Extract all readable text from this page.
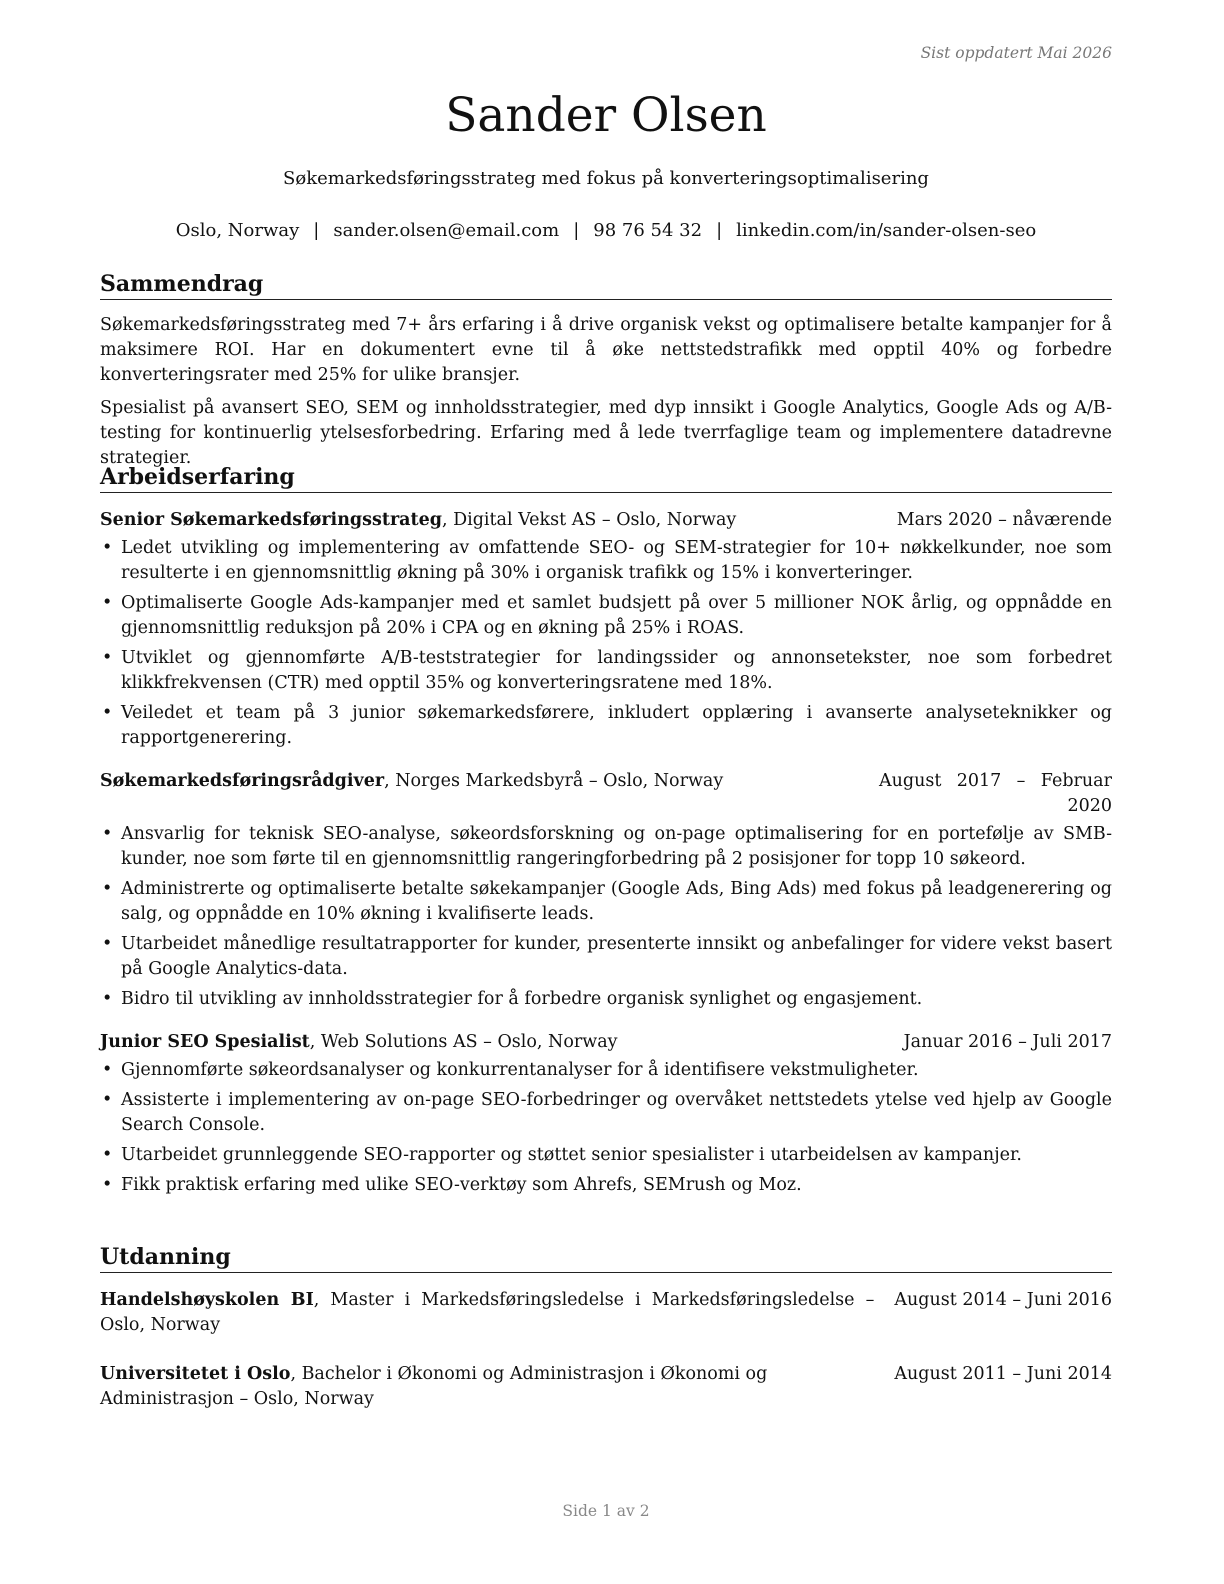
Sist oppdatert Mai 2026
Sander Olsen
Søkemarkedsføringsstrateg med fokus på konverteringsoptimalisering
Oslo, Norway | sander.olsen@email.com | 98 76 54 32 | linkedin.com/in/sander-olsen-seo
Sammendrag

Søkemarkedsføringsstrateg med 7+ års erfaring i å drive organisk vekst og optimalisere betalte kampanjer for å maksimere ROI. Har en dokumentert evne til å øke nettstedstrafikk med opptil 40% og forbedre konverteringsrater med 25% for ulike bransjer.

Spesialist på avansert SEO, SEM og innholdsstrategier, med dyp innsikt i Google Analytics, Google Ads og A/B-testing for kontinuerlig ytelsesforbedring. Erfaring med å lede tverrfaglige team og implementere datadrevne strategier.

Arbeidserfaring
Senior Søkemarkedsføringsstrateg, Digital Vekst AS – Oslo, Norway	Mars 2020 – nåværende
• Ledet utvikling og implementering av omfattende SEO- og SEM-strategier for 10+ nøkkelkunder, noe som resulterte i en gjennomsnittlig økning på 30% i organisk trafikk og 15% i konverteringer.
• Optimaliserte Google Ads-kampanjer med et samlet budsjett på over 5 millioner NOK årlig, og oppnådde en gjennomsnittlig reduksjon på 20% i CPA og en økning på 25% i ROAS.
• Utviklet og gjennomførte A/B-teststrategier for landingssider og annonsetekster, noe som forbedret klikkfrekvensen (CTR) med opptil 35% og konverteringsratene med 18%.
• Veiledet et team på 3 junior søkemarkedsførere, inkludert opplæring i avanserte analyseteknikker og rapportgenerering.
Søkemarkedsføringsrådgiver, Norges Markedsbyrå – Oslo, Norway	August 2017 – Februar 2020
• Ansvarlig for teknisk SEO-analyse, søkeordsforskning og on-page optimalisering for en portefølje av SMB-kunder, noe som førte til en gjennomsnittlig rangeringforbedring på 2 posisjoner for topp 10 søkeord.
• Administrerte og optimaliserte betalte søkekampanjer (Google Ads, Bing Ads) med fokus på leadgenerering og salg, og oppnådde en 10% økning i kvalifiserte leads.
• Utarbeidet månedlige resultatrapporter for kunder, presenterte innsikt og anbefalinger for videre vekst basert på Google Analytics-data.
• Bidro til utvikling av innholdsstrategier for å forbedre organisk synlighet og engasjement.
Junior SEO Spesialist, Web Solutions AS – Oslo, Norway	Januar 2016 – Juli 2017
• Gjennomførte søkeordsanalyser og konkurrentanalyser for å identifisere vekstmuligheter.
• Assisterte i implementering av on-page SEO-forbedringer og overvåket nettstedets ytelse ved hjelp av Google Search Console.
• Utarbeidet grunnleggende SEO-rapporter og støttet senior spesialister i utarbeidelsen av kampanjer.
• Fikk praktisk erfaring med ulike SEO-verktøy som Ahrefs, SEMrush og Moz.
Utdanning
Handelshøyskolen BI, Master i Markedsføringsledelse i Markedsføringsledelse – Oslo, Norway
August 2014 – Juni 2016
Universitetet i Oslo, Bachelor i Økonomi og Administrasjon i Økonomi og Administrasjon – Oslo, Norway
August 2011 – Juni 2014
Side 1 av 2
